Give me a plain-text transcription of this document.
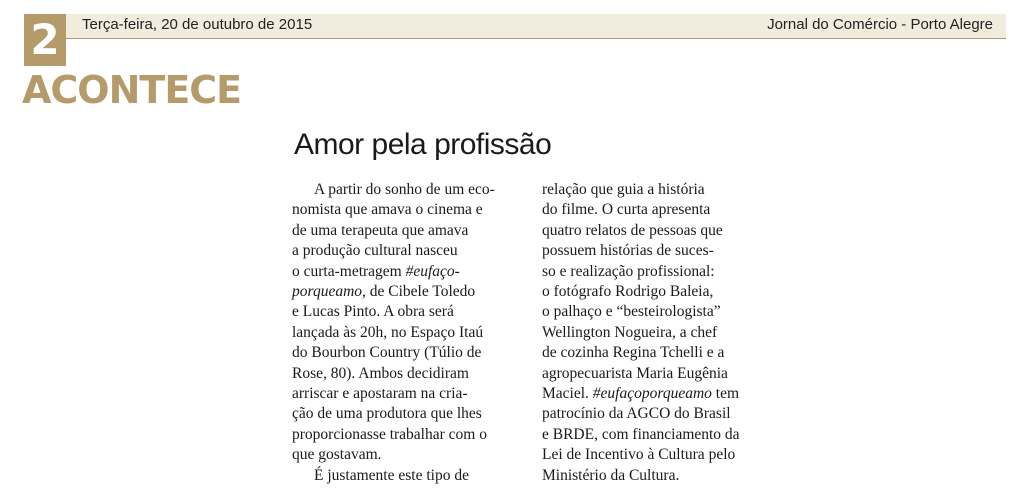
2	Terça-feira, 20 de outubro de 2015	Jornal do Comércio - Porto Alegre
ACONTECE
Amor pela profissão
A partir do sonho de um eco-
nomista que amava o cinema e
de uma terapeuta que amava
a produção cultural nasceu
o curta-metragem #eufaço-
porqueamo, de Cibele Toledo
e Lucas Pinto. A obra será
lançada às 20h, no Espaço Itaú
do Bourbon Country (Túlio de
Rose, 80). Ambos decidiram
arriscar e apostaram na cria-
ção de uma produtora que lhes
proporcionasse trabalhar com o
que gostavam.
É justamente este tipo de
relação que guia a história
do filme. O curta apresenta
quatro relatos de pessoas que
possuem histórias de suces-
so e realização profissional:
o fotógrafo Rodrigo Baleia,
o palhaço e “besteirologista”
Wellington Nogueira, a chef
de cozinha Regina Tchelli e a
agropecuarista Maria Eugênia
Maciel. #eufaçoporqueamo tem
patrocínio da AGCO do Brasil
e BRDE, com financiamento da
Lei de Incentivo à Cultura pelo
Ministério da Cultura.
